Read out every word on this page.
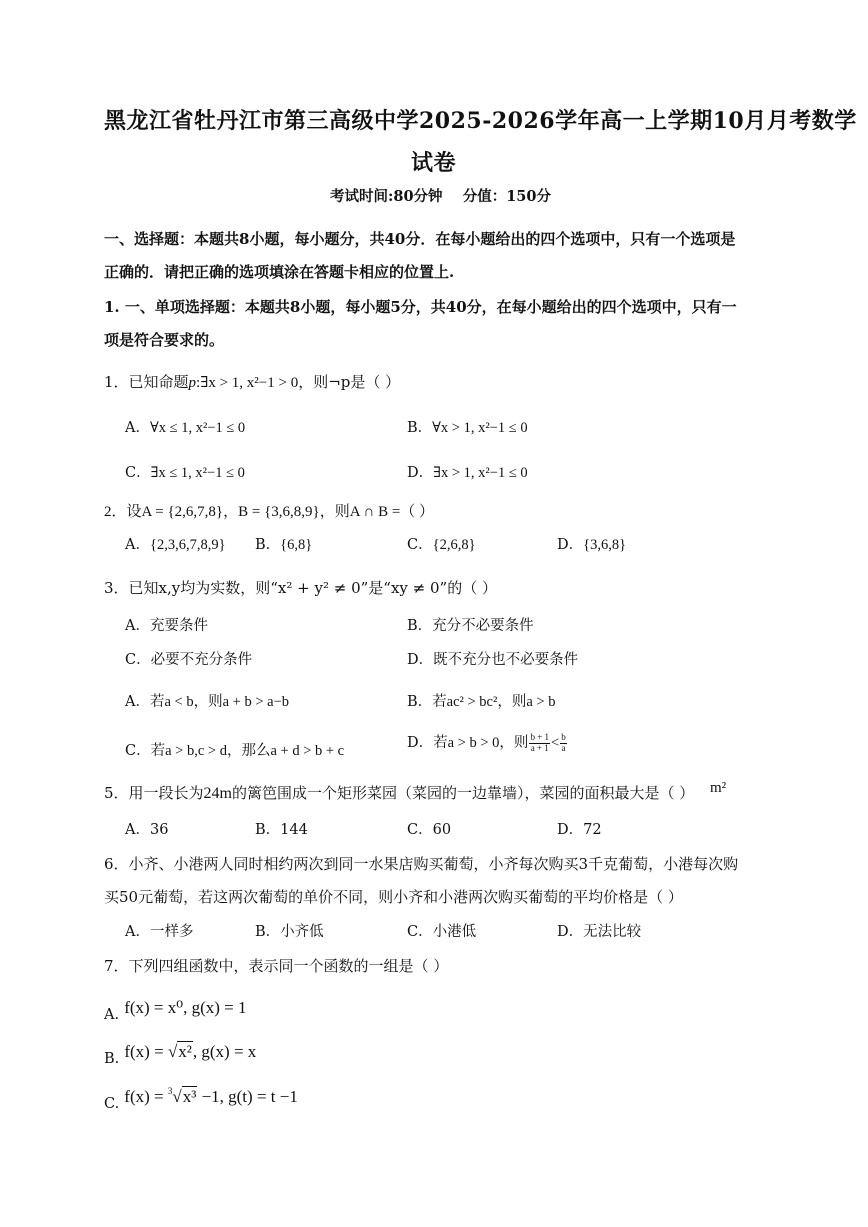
黑龙江省牡丹江市第三高级中学2025-2026学年高一上学期10月月考数学
试卷
考试时间:80分钟    分值：150分
一、选择题：本题共8小题，每小题分，共40分．在每小题给出的四个选项中，只有一个选项是
正确的．请把正确的选项填涂在答题卡相应的位置上.
1. 一、单项选择题：本题共8小题，每小题5分，共40分，在每小题给出的四个选项中，只有一
项是符合要求的。
1．已知命题p:∃x > 1, x²−1 > 0，则¬p是（ ）
A．∀x ≤ 1, x²−1 ≤ 0	B．∀x > 1, x²−1 ≤ 0
C．∃x ≤ 1, x²−1 ≤ 0	D．∃x > 1, x²−1 ≤ 0
2．设A = {2,6,7,8}，B = {3,6,8,9}，则A ∩ B =（ ）
A．{2,3,6,7,8,9} B．{6,8}	C．{2,6,8}	D．{3,6,8}
3．已知x,y均为实数，则“x² + y² ≠ 0”是“xy ≠ 0”的（ ）
A．充要条件	B．充分不必要条件
C．必要不充分条件	D．既不充分也不必要条件
A．若a < b，则a + b > a−b	B．若ac² > bc²，则a > b
C．若a > b,c > d，那么a + d > b + c	D．若a > b > 0，则 $\frac{b + 1}{a + 1} < \frac{b}{a}$
5．用一段长为24m的篱笆围成一个矩形菜园（菜园的一边靠墙），菜园的面积最大是（ ） m²
A．36	B．144	C．60	D．72
6．小齐、小港两人同时相约两次到同一水果店购买葡萄，小齐每次购买3千克葡萄，小港每次购
买50元葡萄，若这两次葡萄的单价不同，则小齐和小港两次购买葡萄的平均价格是（ ）
A．一样多	B．小齐低	C．小港低	D．无法比较
7．下列四组函数中，表示同一个函数的一组是（ ）
A. f(x) = x⁰, g(x) = 1
B. f(x) = √x², g(x) = x
C. f(x) = $^3$√x³ −1, g(t) = t −1
